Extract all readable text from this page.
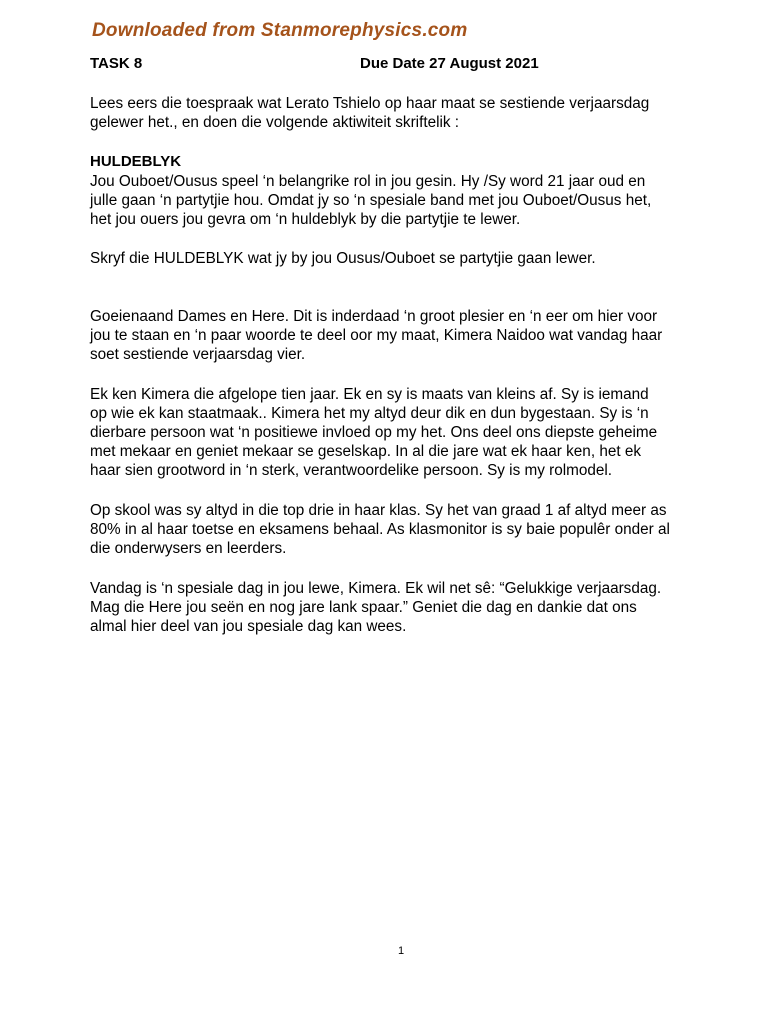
Downloaded from Stanmorephysics.com
TASK 8	Due Date 27 August 2021

Lees eers die toespraak wat Lerato Tshielo op haar maat se sestiende verjaarsdag
gelewer het., en doen die volgende aktiwiteit skriftelik :

HULDEBLYK

Jou Ouboet/Ousus speel ‘n belangrike rol in jou gesin. Hy /Sy word 21 jaar oud en
julle gaan ‘n partytjie hou. Omdat jy so ‘n spesiale band met jou Ouboet/Ousus het,
het jou ouers jou gevra om ‘n huldeblyk by die partytjie te lewer.

Skryf die HULDEBLYK wat jy by jou Ousus/Ouboet se partytjie gaan lewer.

Goeienaand Dames en Here. Dit is inderdaad ‘n groot plesier en ‘n eer om hier voor
jou te staan en ‘n paar woorde te deel oor my maat, Kimera Naidoo wat vandag haar
soet sestiende verjaarsdag vier.

Ek ken Kimera die afgelope tien jaar. Ek en sy is maats van kleins af. Sy is iemand
op wie ek kan staatmaak.. Kimera het my altyd deur dik en dun bygestaan. Sy is ‘n
dierbare persoon wat ‘n positiewe invloed op my het. Ons deel ons diepste geheime
met mekaar en geniet mekaar se geselskap. In al die jare wat ek haar ken, het ek
haar sien grootword in ‘n sterk, verantwoordelike persoon. Sy is my rolmodel.

Op skool was sy altyd in die top drie in haar klas. Sy het van graad 1 af altyd meer as
80% in al haar toetse en eksamens behaal. As klasmonitor is sy baie populêr onder al
die onderwysers en leerders.

Vandag is ‘n spesiale dag in jou lewe, Kimera. Ek wil net sê: “Gelukkige verjaarsdag.
Mag die Here jou seën en nog jare lank spaar.” Geniet die dag en dankie dat ons
almal hier deel van jou spesiale dag kan wees.

1
